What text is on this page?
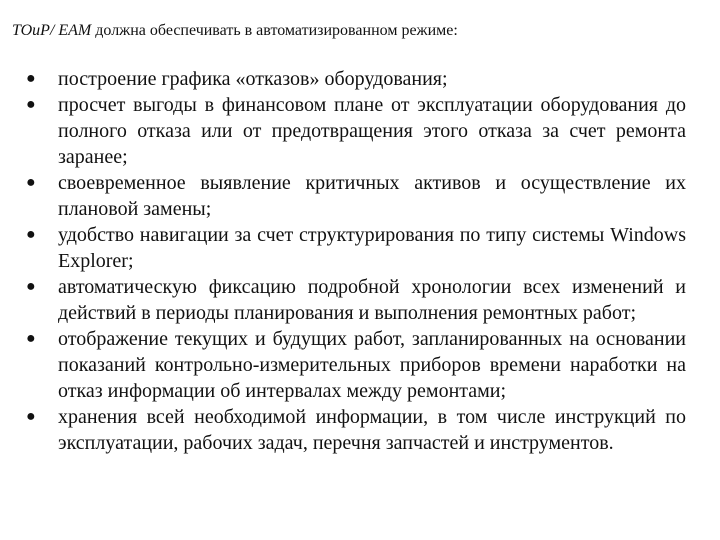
TOuP/ EAM должна обеспечивать в автоматизированном режиме:
● построение графика «отказов» оборудования;
● просчет выгоды в финансовом плане от эксплуатации оборудования до полного отказа или от предотвращения этого отказа за счет ремонта заранее;
● своевременное выявление критичных активов и осуществление их плановой замены;
● удобство навигации за счет структурирования по типу системы Windows Explorer;
● автоматическую фиксацию подробной хронологии всех изменений и действий в периоды планирования и выполнения ремонтных работ;
● отображение текущих и будущих работ, запланированных на основании показаний контрольно-измерительных приборов времени наработки на отказ информации об интервалах между ремонтами;
● хранения всей необходимой информации, в том числе инструкций по эксплуатации, рабочих задач, перечня запчастей и инструментов.
